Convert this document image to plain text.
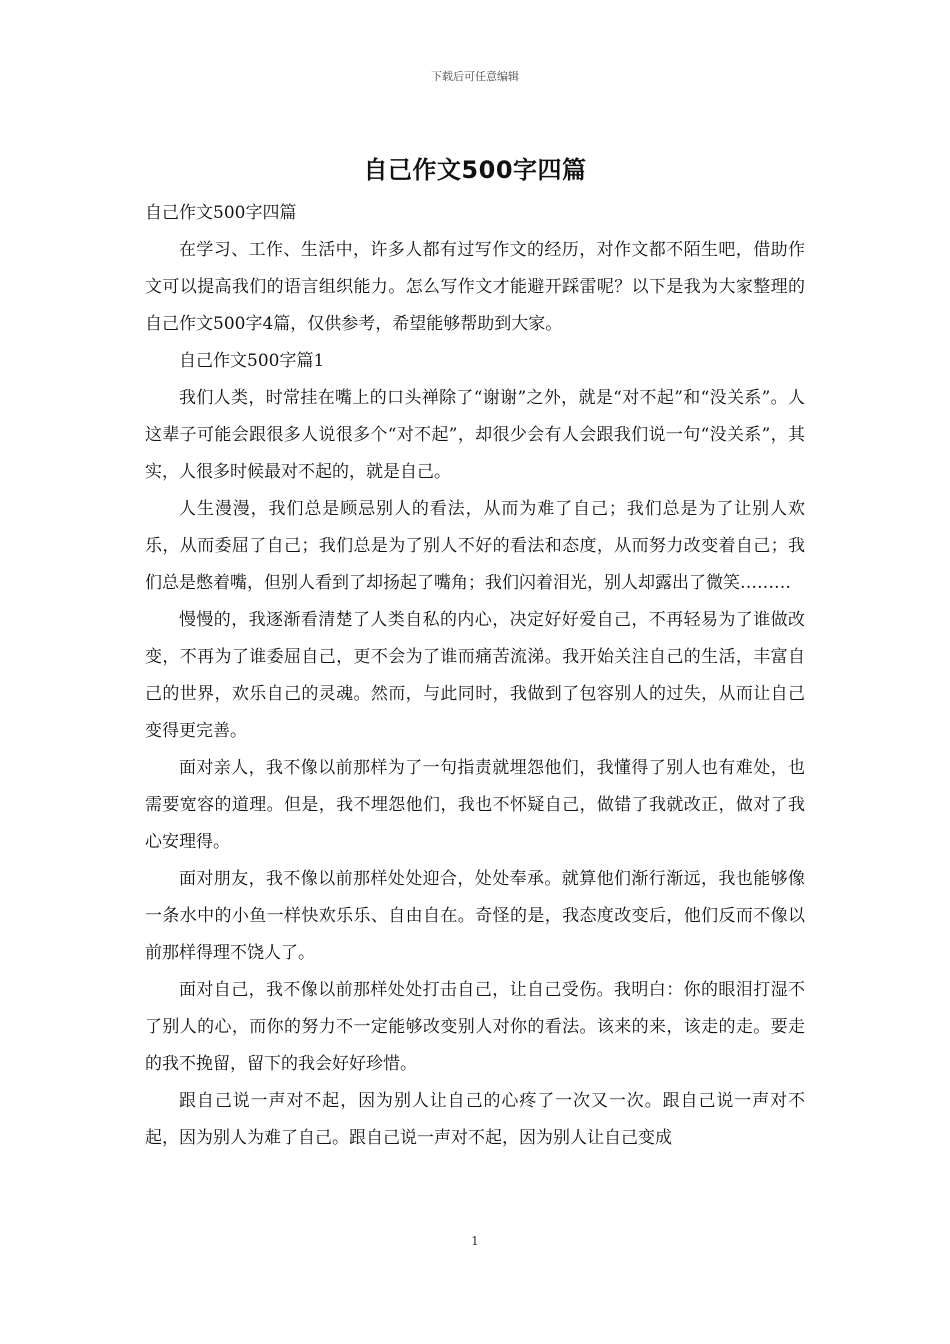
下载后可任意编辑
自己作文500字四篇

自己作文500字四篇

在学习、工作、生活中，许多人都有过写作文的经历，对作文都不陌生吧，借助作文可以提高我们的语言组织能力。怎么写作文才能避开踩雷呢？以下是我为大家整理的自己作文500字4篇，仅供参考，希望能够帮助到大家。

自己作文500字篇1

我们人类，时常挂在嘴上的口头禅除了“谢谢”之外，就是“对不起”和“没关系”。人这辈子可能会跟很多人说很多个“对不起”，却很少会有人会跟我们说一句“没关系”，其实，人很多时候最对不起的，就是自己。

人生漫漫，我们总是顾忌别人的看法，从而为难了自己；我们总是为了让别人欢乐，从而委屈了自己；我们总是为了别人不好的看法和态度，从而努力改变着自己；我们总是憋着嘴，但别人看到了却扬起了嘴角；我们闪着泪光，别人却露出了微笑………

慢慢的，我逐渐看清楚了人类自私的内心，决定好好爱自己，不再轻易为了谁做改变，不再为了谁委屈自己，更不会为了谁而痛苦流涕。我开始关注自己的生活，丰富自己的世界，欢乐自己的灵魂。然而，与此同时，我做到了包容别人的过失，从而让自己变得更完善。

面对亲人，我不像以前那样为了一句指责就埋怨他们，我懂得了别人也有难处，也需要宽容的道理。但是，我不埋怨他们，我也不怀疑自己，做错了我就改正，做对了我心安理得。

面对朋友，我不像以前那样处处迎合，处处奉承。就算他们渐行渐远，我也能够像一条水中的小鱼一样快欢乐乐、自由自在。奇怪的是，我态度改变后，他们反而不像以前那样得理不饶人了。

面对自己，我不像以前那样处处打击自己，让自己受伤。我明白：你的眼泪打湿不了别人的心，而你的努力不一定能够改变别人对你的看法。该来的来，该走的走。要走的我不挽留，留下的我会好好珍惜。

跟自己说一声对不起，因为别人让自己的心疼了一次又一次。跟自己说一声对不起，因为别人为难了自己。跟自己说一声对不起，因为别人让自己变成

1
